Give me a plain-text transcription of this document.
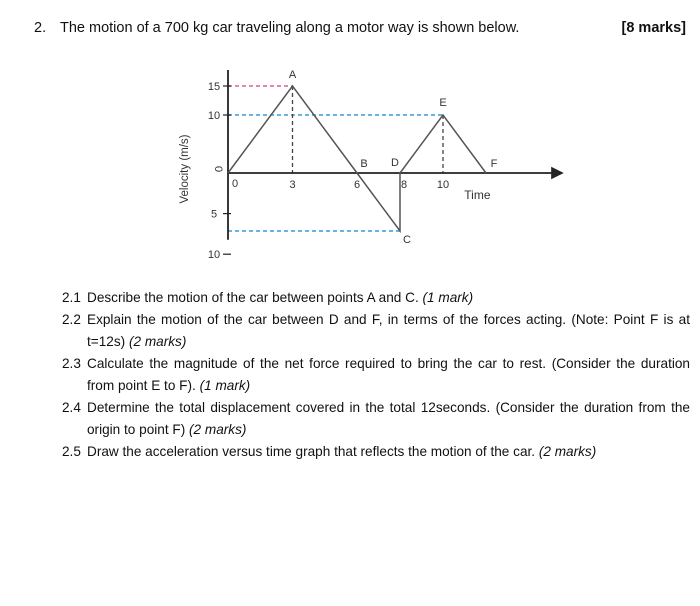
2. The motion of a 700 kg car traveling along a motor way is shown below.	[8 marks]
15
10
5
10
0
0	3	6	8	10
Velocity (m/s)	Time
A
B
C
D
E
F
2.1 Describe the motion of the car between points A and C. (1 mark)
2.2 Explain the motion of the car between D and F, in terms of the forces acting. (Note: Point F is at t=12s) (2 marks)
2.3 Calculate the magnitude of the net force required to bring the car to rest. (Consider the duration from point E to F). (1 mark)
2.4 Determine the total displacement covered in the total 12seconds. (Consider the duration from the origin to point F) (2 marks)
2.5 Draw the acceleration versus time graph that reflects the motion of the car. (2 marks)
